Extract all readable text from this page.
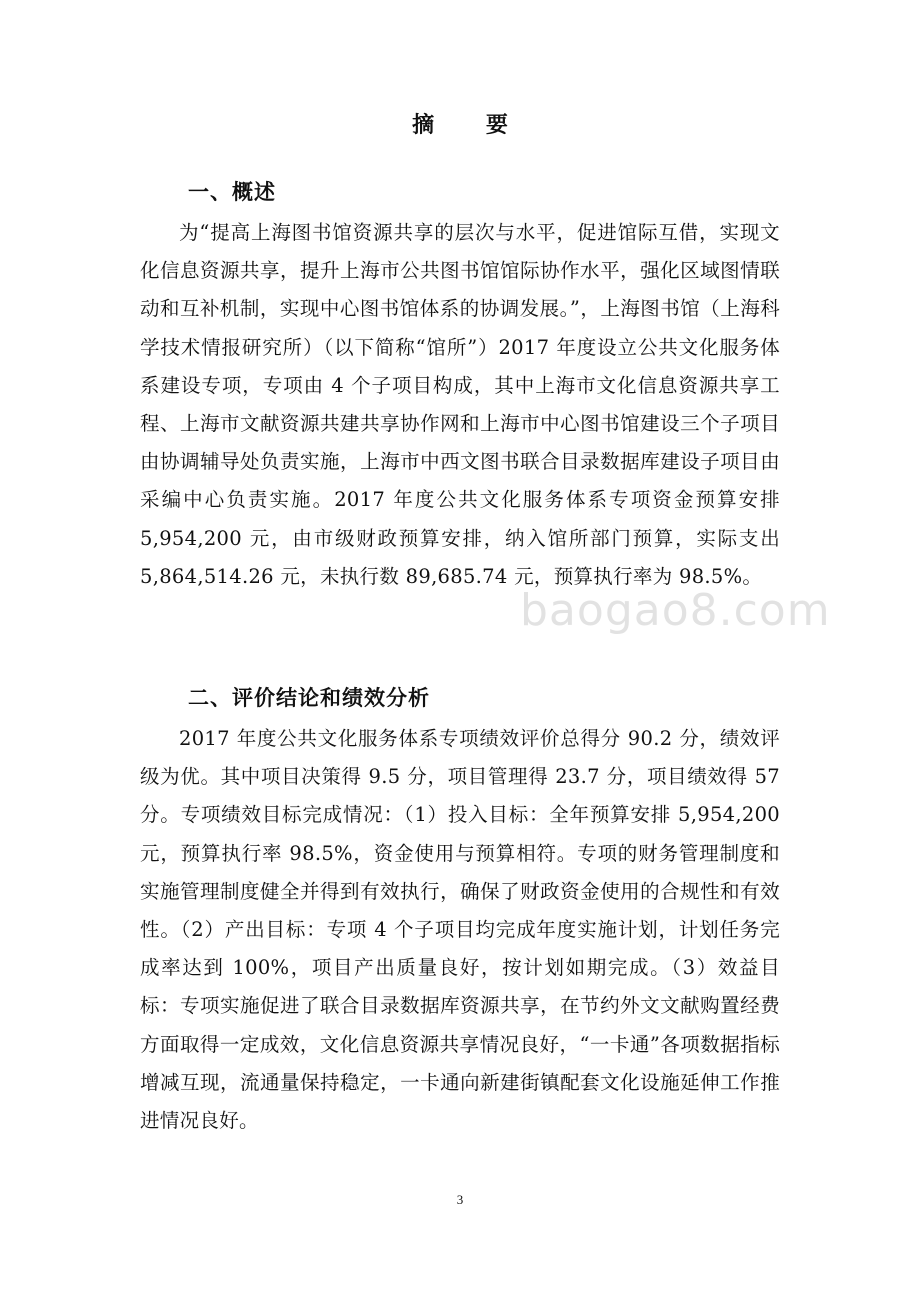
摘 要
一、概述

为“提高上海图书馆资源共享的层次与水平，促进馆际互借，实现文化信息资源共享，提升上海市公共图书馆馆际协作水平，强化区域图情联动和互补机制，实现中心图书馆体系的协调发展。”，上海图书馆（上海科学技术情报研究所）（以下简称“馆所”）2017 年度设立公共文化服务体系建设专项，专项由 4 个子项目构成，其中上海市文化信息资源共享工程、上海市文献资源共建共享协作网和上海市中心图书馆建设三个子项目由协调辅导处负责实施，上海市中西文图书联合目录数据库建设子项目由采编中心负责实施。2017 年度公共文化服务体系专项资金预算安排 5,954,200 元，由市级财政预算安排，纳入馆所部门预算，实际支出 5,864,514.26 元，未执行数 89,685.74 元，预算执行率为 98.5%。

二、评价结论和绩效分析

2017 年度公共文化服务体系专项绩效评价总得分 90.2 分，绩效评级为优。其中项目决策得 9.5 分，项目管理得 23.7 分，项目绩效得 57 分。专项绩效目标完成情况：（1）投入目标：全年预算安排 5,954,200 元，预算执行率 98.5%，资金使用与预算相符。专项的财务管理制度和实施管理制度健全并得到有效执行，确保了财政资金使用的合规性和有效性。（2）产出目标：专项 4 个子项目均完成年度实施计划，计划任务完成率达到 100%，项目产出质量良好，按计划如期完成。（3）效益目标：专项实施促进了联合目录数据库资源共享，在节约外文文献购置经费方面取得一定成效，文化信息资源共享情况良好，“一卡通”各项数据指标增减互现，流通量保持稳定，一卡通向新建街镇配套文化设施延伸工作推进情况良好。

baogao8.com
3
